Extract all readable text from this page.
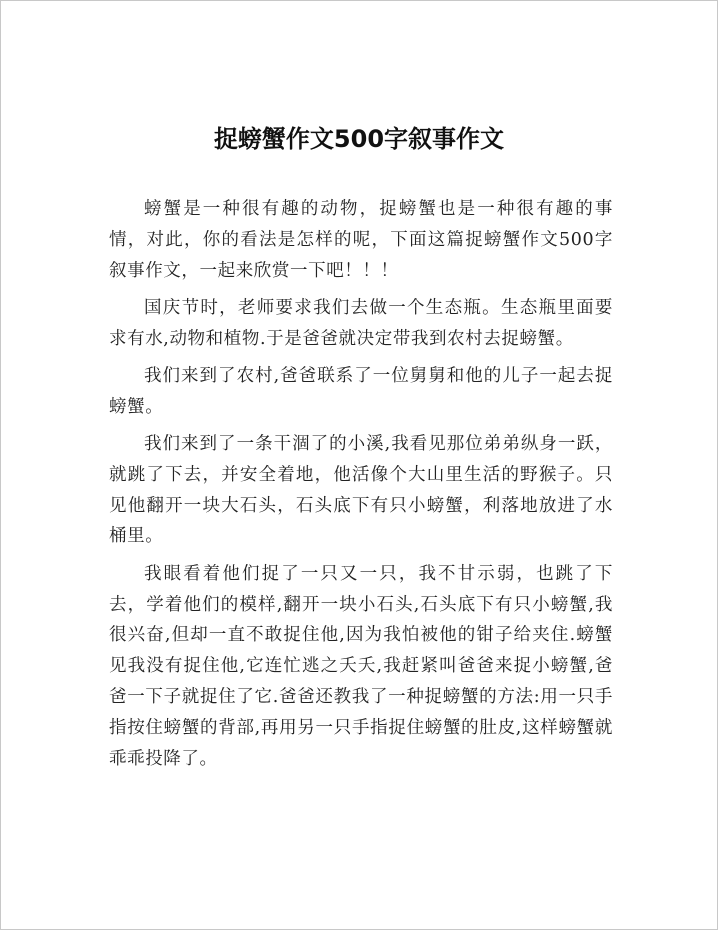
捉螃蟹作文500字叙事作文

螃蟹是一种很有趣的动物，捉螃蟹也是一种很有趣的事情，对此，你的看法是怎样的呢，下面这篇捉螃蟹作文500字叙事作文，一起来欣赏一下吧！！！

国庆节时，老师要求我们去做一个生态瓶。生态瓶里面要求有水,动物和植物.于是爸爸就决定带我到农村去捉螃蟹。

我们来到了农村,爸爸联系了一位舅舅和他的儿子一起去捉螃蟹。

我们来到了一条干涸了的小溪,我看见那位弟弟纵身一跃，就跳了下去，并安全着地，他活像个大山里生活的野猴子。只见他翻开一块大石头，石头底下有只小螃蟹，利落地放进了水桶里。

我眼看着他们捉了一只又一只，我不甘示弱，也跳了下去，学着他们的模样,翻开一块小石头,石头底下有只小螃蟹,我很兴奋,但却一直不敢捉住他,因为我怕被他的钳子给夹住.螃蟹见我没有捉住他,它连忙逃之夭夭,我赶紧叫爸爸来捉小螃蟹,爸爸一下子就捉住了它.爸爸还教我了一种捉螃蟹的方法:用一只手指按住螃蟹的背部,再用另一只手指捉住螃蟹的肚皮,这样螃蟹就乖乖投降了。
